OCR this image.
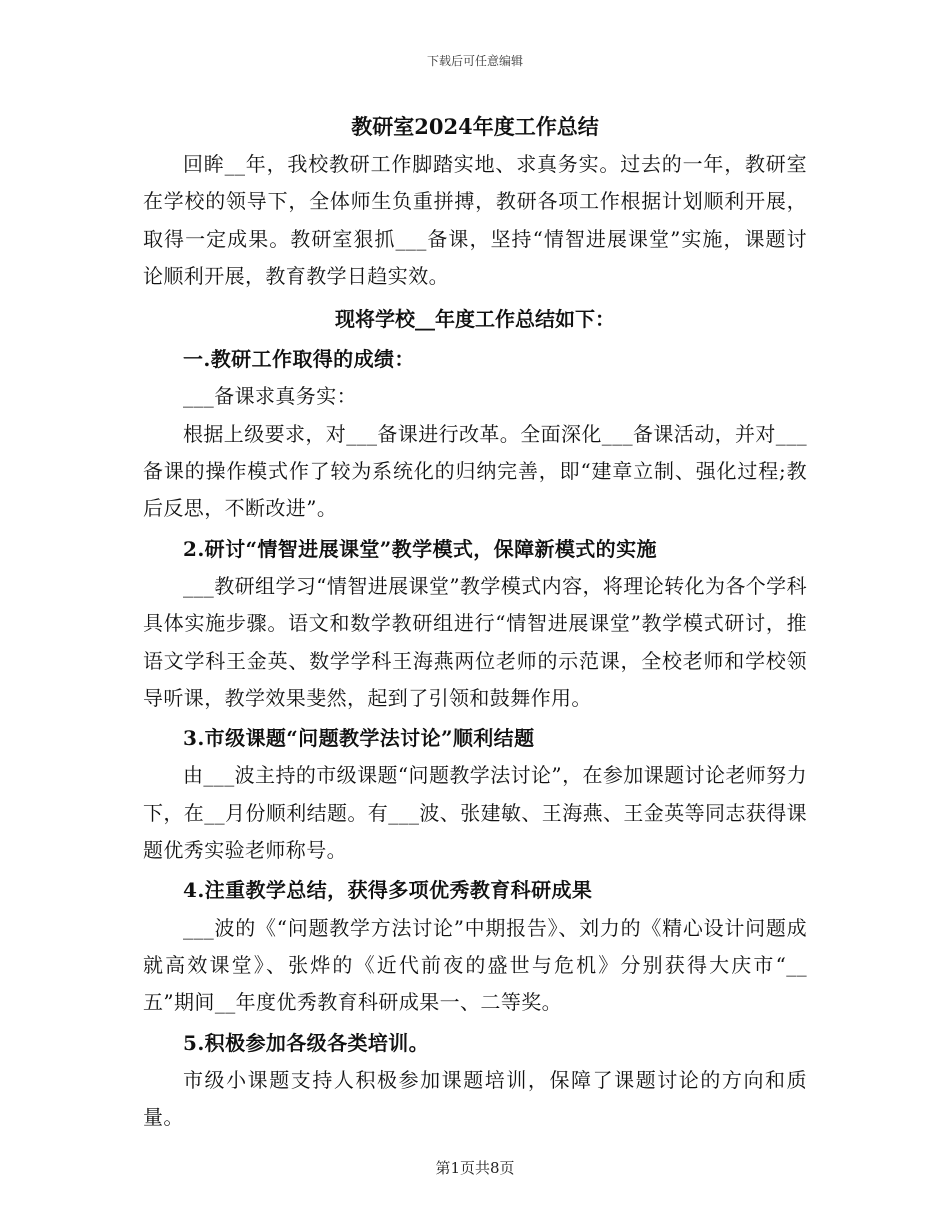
下载后可任意编辑
教研室2024年度工作总结

回眸__年，我校教研工作脚踏实地、求真务实。过去的一年，教研室在学校的领导下，全体师生负重拼搏，教研各项工作根据计划顺利开展，取得一定成果。教研室狠抓___备课，坚持“情智进展课堂”实施，课题讨论顺利开展，教育教学日趋实效。

现将学校__年度工作总结如下：

一.教研工作取得的成绩：

___备课求真务实：

根据上级要求，对___备课进行改革。全面深化___备课活动，并对___备课的操作模式作了较为系统化的归纳完善，即“建章立制、强化过程;教后反思，不断改进”。

2.研讨“情智进展课堂”教学模式，保障新模式的实施

___教研组学习“情智进展课堂”教学模式内容，将理论转化为各个学科具体实施步骤。语文和数学教研组进行“情智进展课堂”教学模式研讨，推语文学科王金英、数学学科王海燕两位老师的示范课，全校老师和学校领导听课，教学效果斐然，起到了引领和鼓舞作用。

3.市级课题“问题教学法讨论”顺利结题

由___波主持的市级课题“问题教学法讨论”，在参加课题讨论老师努力下，在__月份顺利结题。有___波、张建敏、王海燕、王金英等同志获得课题优秀实验老师称号。

4.注重教学总结，获得多项优秀教育科研成果

___波的《“问题教学方法讨论”中期报告》、刘力的《精心设计问题成就高效课堂》、张烨的《近代前夜的盛世与危机》分别获得大庆市“__五”期间__年度优秀教育科研成果一、二等奖。

5.积极参加各级各类培训。

市级小课题支持人积极参加课题培训，保障了课题讨论的方向和质量。

第1页共8页
